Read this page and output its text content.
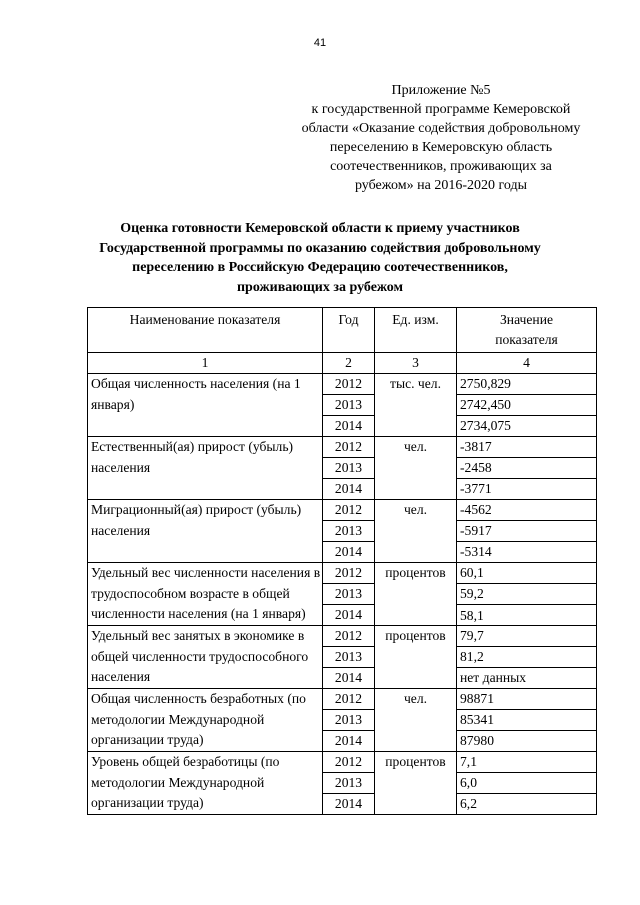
41
Приложение №5
к государственной программе Кемеровской
области «Оказание содействия добровольному
переселению в Кемеровскую область
соотечественников, проживающих за
рубежом» на 2016-2020 годы
Оценка готовности Кемеровской области к приему участников
Государственной программы по оказанию содействия добровольному
переселению в Российскую Федерацию соотечественников,
проживающих за рубежом
Наименование показателя	Год	Ед. изм.	Значение
показателя

1	2	3	4
Общая численность населения (на 1 января)	2012	тыс. чел.	2750,829
	2013		2742,450
	2014		2734,075
Естественный(ая) прирост (убыль) населения	2012	чел.	-3817
	2013		-2458
	2014		-3771
Миграционный(ая) прирост (убыль) населения	2012	чел.	-4562
	2013		-5917
	2014		-5314
Удельный вес численности населения в трудоспособном возрасте в общей численности населения (на 1 января)	2012	процентов	60,1
	2013		59,2
	2014		58,1
Удельный вес занятых в экономике в общей численности трудоспособного населения	2012	процентов	79,7
	2013		81,2
	2014		нет данных
Общая численность безработных (по методологии Международной организации труда)	2012	чел.	98871
	2013		85341
	2014		87980
Уровень общей безработицы (по методологии Международной организации труда)	2012	процентов	7,1
	2013		6,0
	2014		6,2
